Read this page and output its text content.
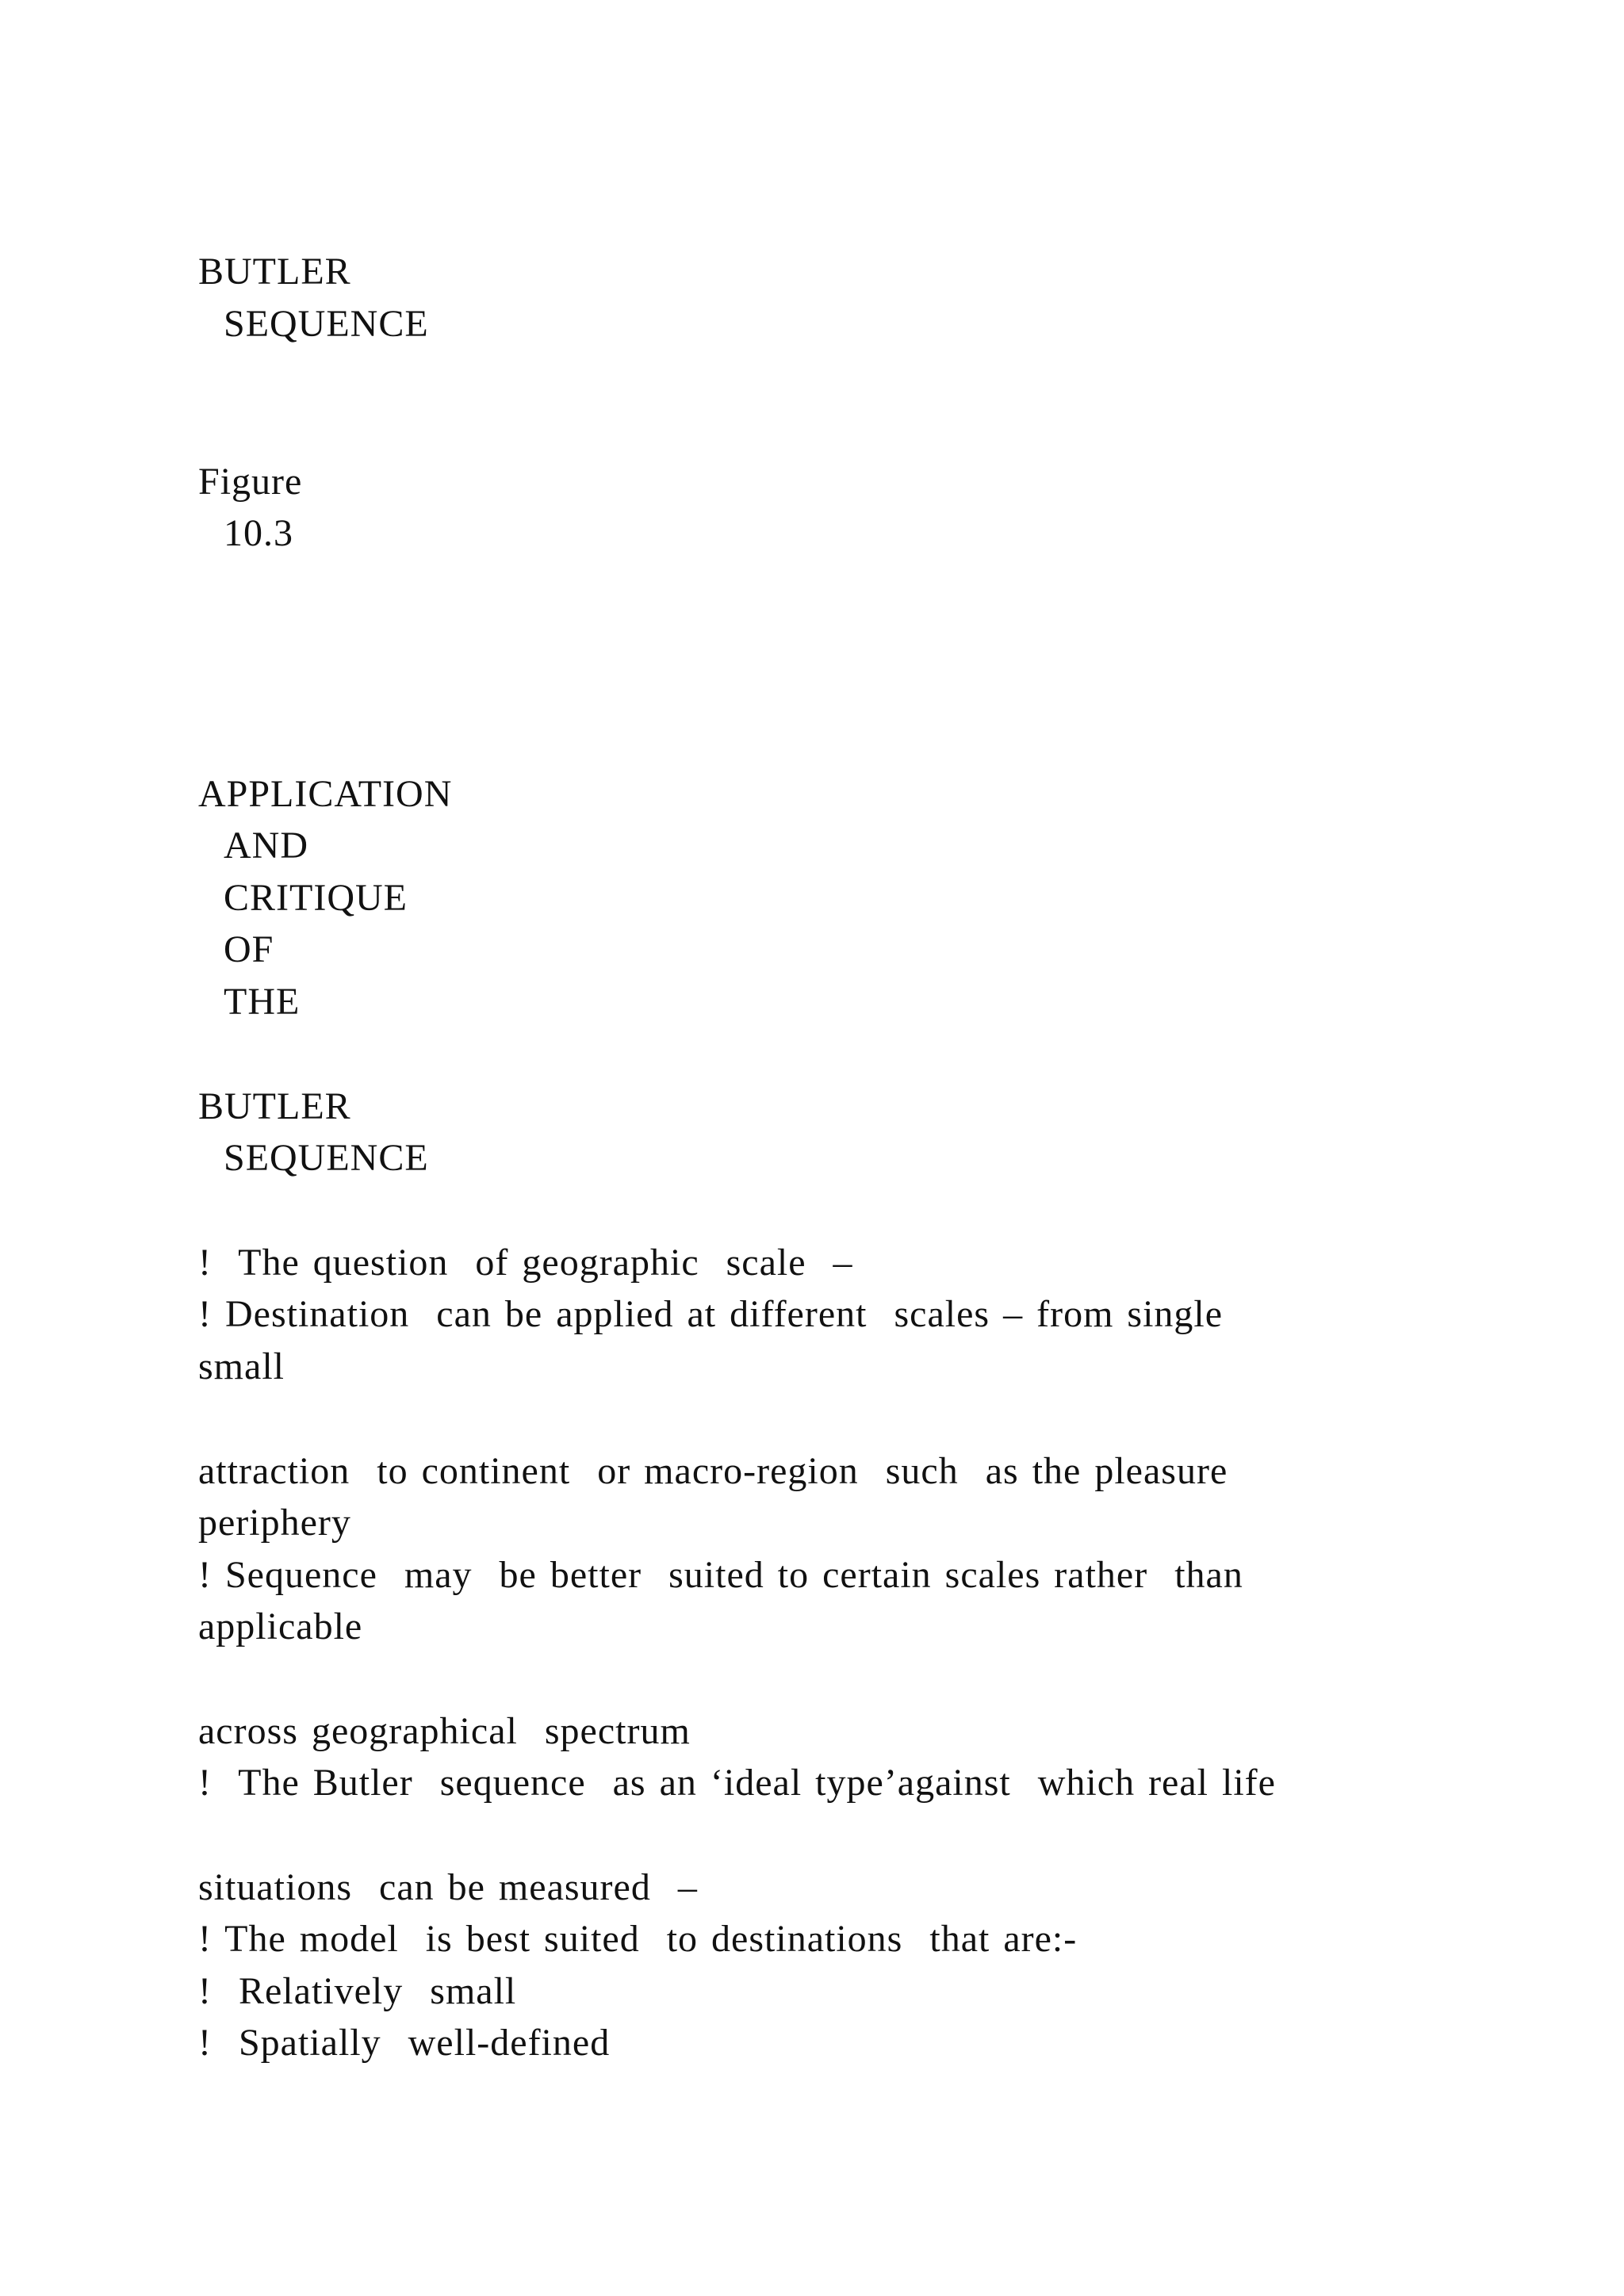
BUTLER
SEQUENCE
Figure
10.3
APPLICATION
AND
CRITIQUE
OF
THE
BUTLER
SEQUENCE
!  The question  of geographic  scale  –
! Destination  can be applied at different  scales – from single
small
attraction  to continent  or macro-region  such  as the pleasure
periphery
! Sequence  may  be better  suited to certain scales rather  than
applicable
across geographical  spectrum
!  The Butler  sequence  as an ‘ideal type’against  which real life
situations  can be measured  –
! The model  is best suited  to destinations  that are:-
!  Relatively  small
!  Spatially  well-defined
